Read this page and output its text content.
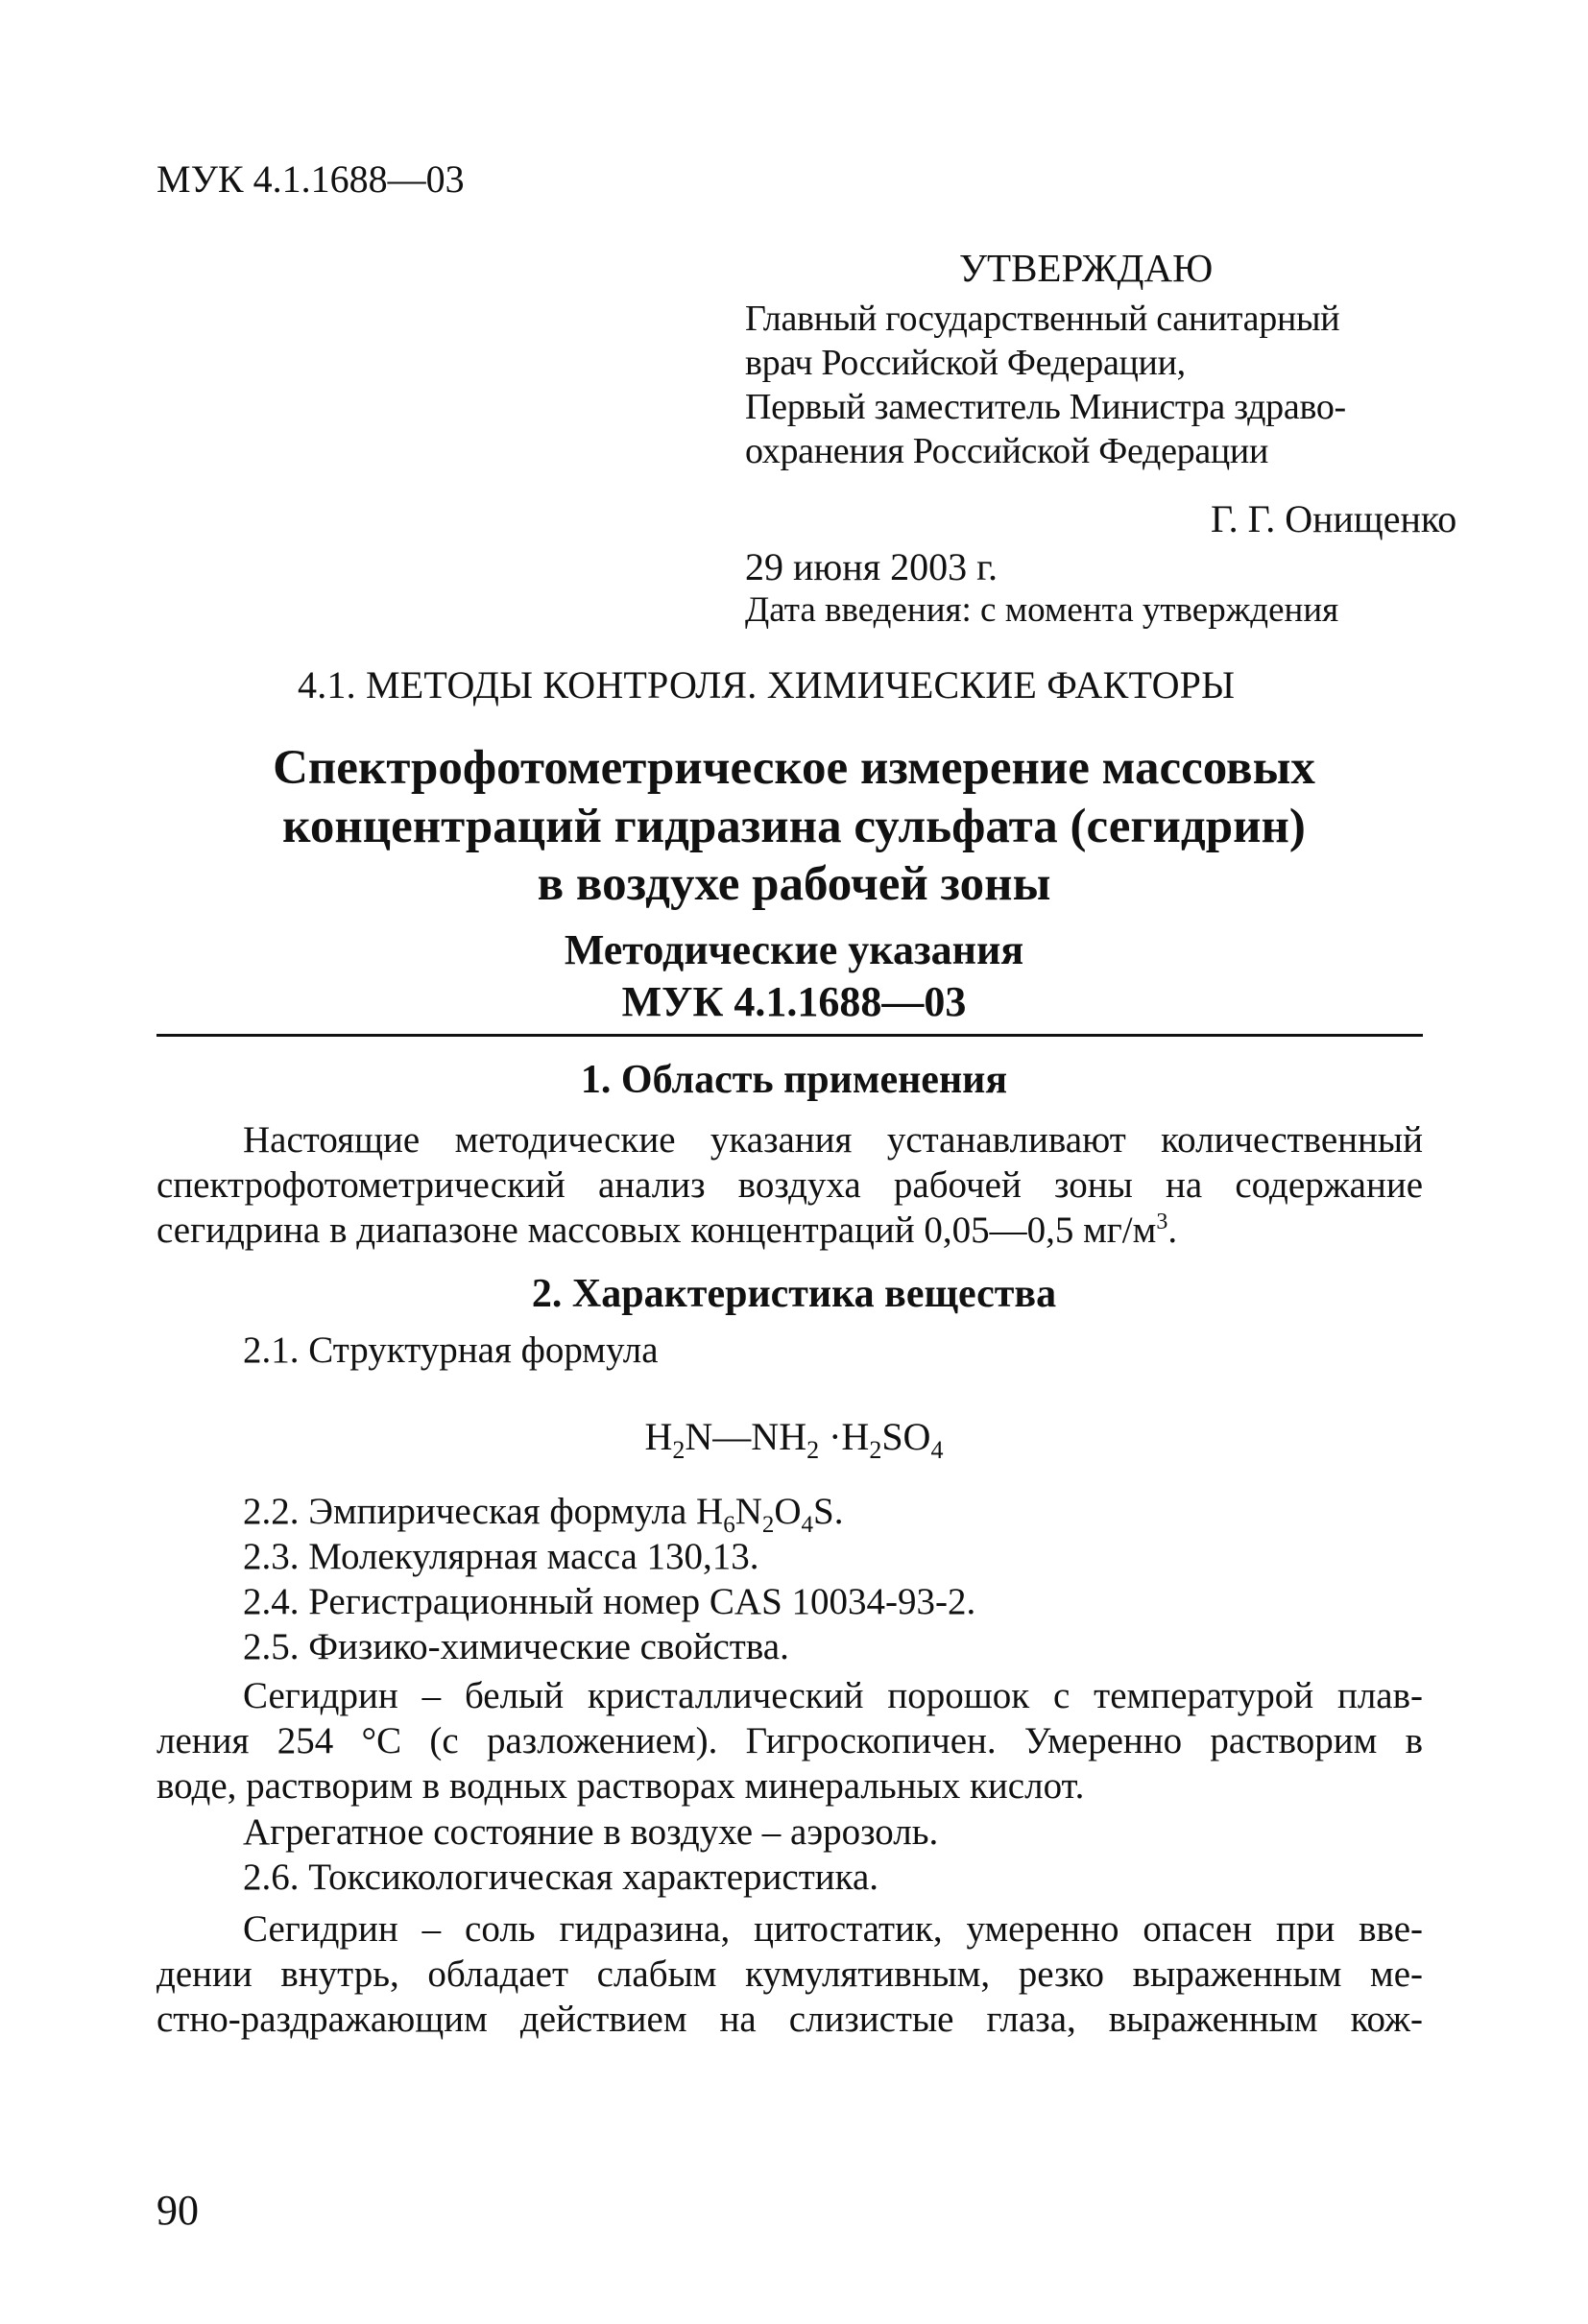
МУК 4.1.1688—03
УТВЕРЖДАЮ
Главный государственный санитарный
врач Российской Федерации,
Первый заместитель Министра здраво-
охранения Российской Федерации
Г. Г. Онищенко
29 июня 2003 г.
Дата введения: с момента утверждения
4.1. МЕТОДЫ КОНТРОЛЯ. ХИМИЧЕСКИЕ ФАКТОРЫ
Спектрофотометрическое измерение массовых
концентраций гидразина сульфата (сегидрин)
в воздухе рабочей зоны
Методические указания
МУК 4.1.1688—03
1. Область применения
Настоящие методические указания устанавливают количественный
спектрофотометрический анализ воздуха рабочей зоны на содержание
сегидрина в диапазоне массовых концентраций 0,05—0,5 $мг/м^3$.
2. Характеристика вещества
2.1. Структурная формула
$H_2N—NH_2 \cdot H_2SO_4$
2.2. Эмпирическая формула $H_6N_2O_4S$.
2.3. Молекулярная масса 130,13.
2.4. Регистрационный номер CAS 10034-93-2.
2.5. Физико-химические свойства.
Сегидрин – белый кристаллический порошок с температурой плав-
ления 254 °С (с разложением). Гигроскопичен. Умеренно растворим в
воде, растворим в водных растворах минеральных кислот.
Агрегатное состояние в воздухе – аэрозоль.
2.6. Токсикологическая характеристика.
Сегидрин – соль гидразина, цитостатик, умеренно опасен при вве-
дении внутрь, обладает слабым кумулятивным, резко выраженным ме-
стно-раздражающим действием на слизистые глаза, выраженным кож-
90
